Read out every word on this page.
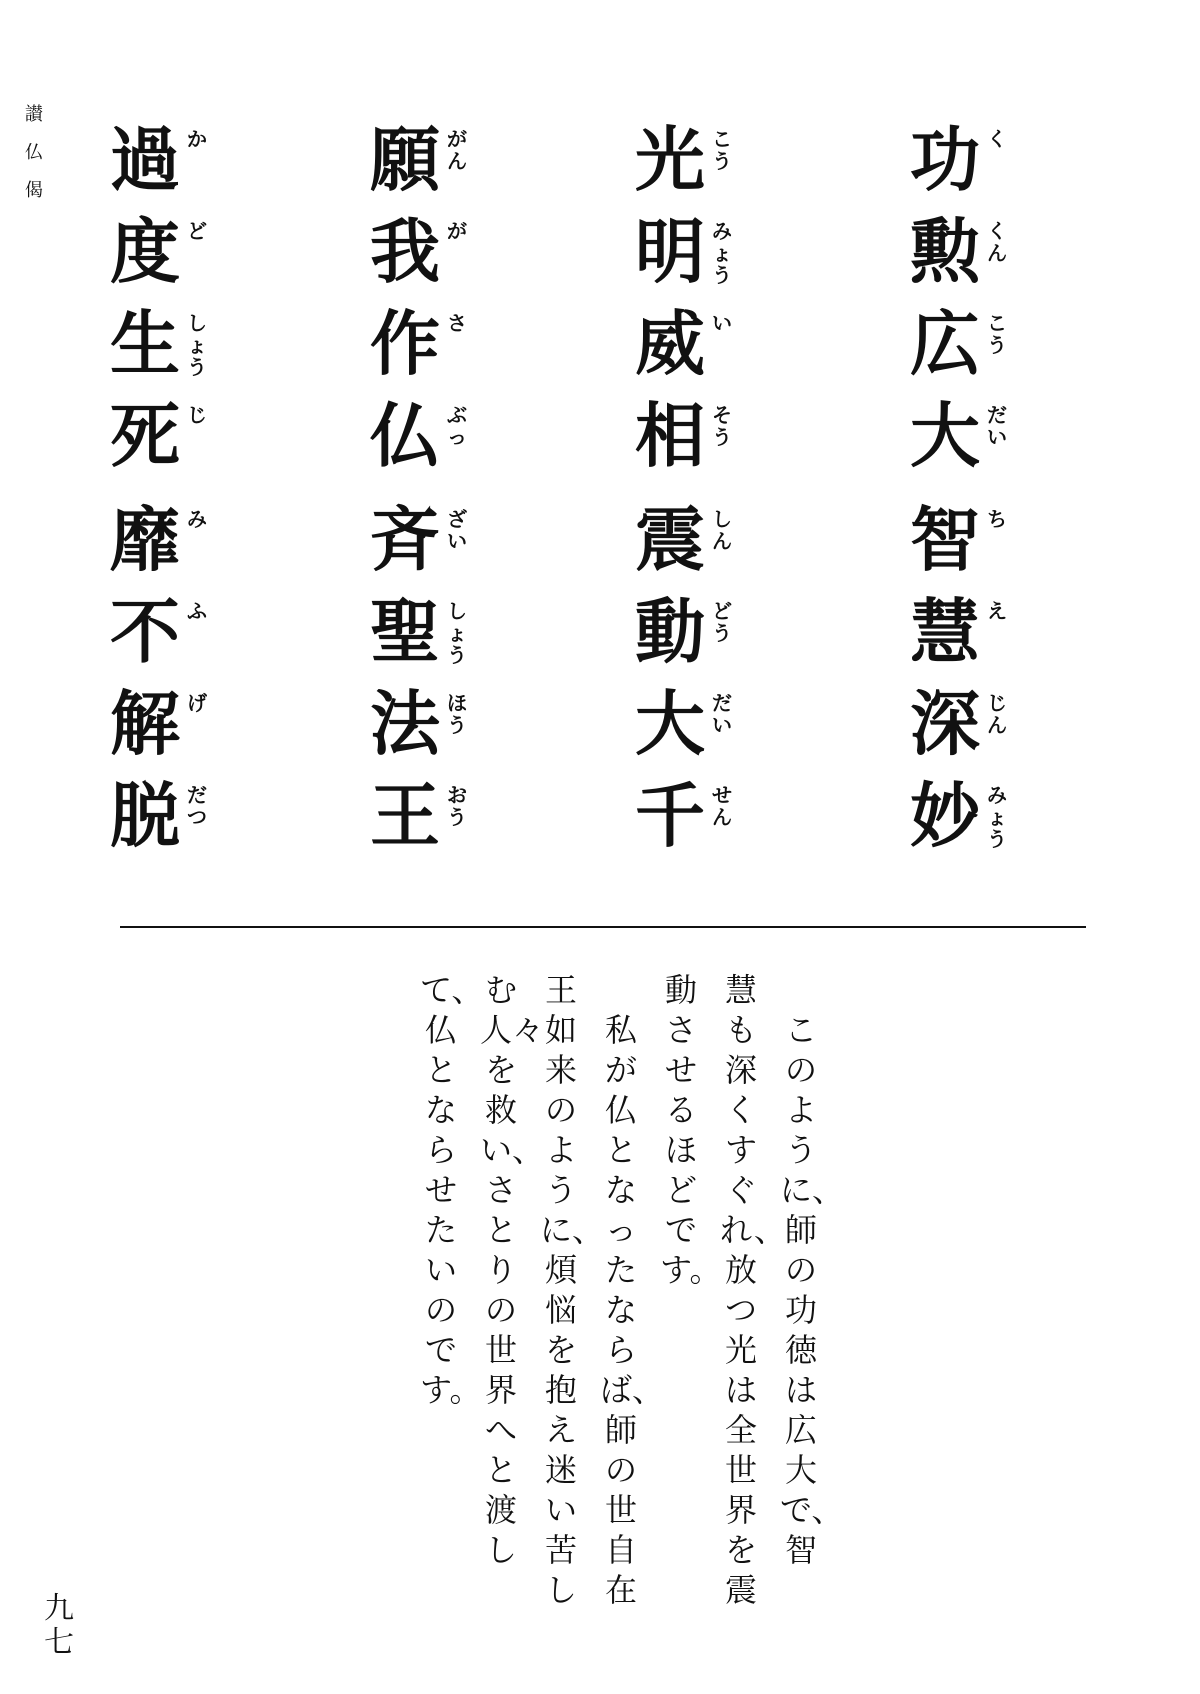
讃
仏
偈	功 く
勲 くん
広 こう
大 だい
光 こう
明 みょう
威 い
相 そう
願 がん
我 が
作 さ
仏 ぶっ
過 か
度 ど
生 しょう
死 じ
智 ち
慧 え
深 じん
妙 みょう
震 しん
動 どう
大 だい
千 せん
斉 ざい
聖 しょう
法 ほう
王 おう
靡 み
不 ふ
解 げ
脱 だつ
　このように、師の功徳は広大で、智
慧も深くすぐれ、放つ光は全世界を震
動させるほどです。
　私が仏となったならば、師の世自在
王如来のように、煩悩を抱え迷い苦し
む人々を救い、さとりの世界へと渡し
て、仏とならせたいのです。
九
七
